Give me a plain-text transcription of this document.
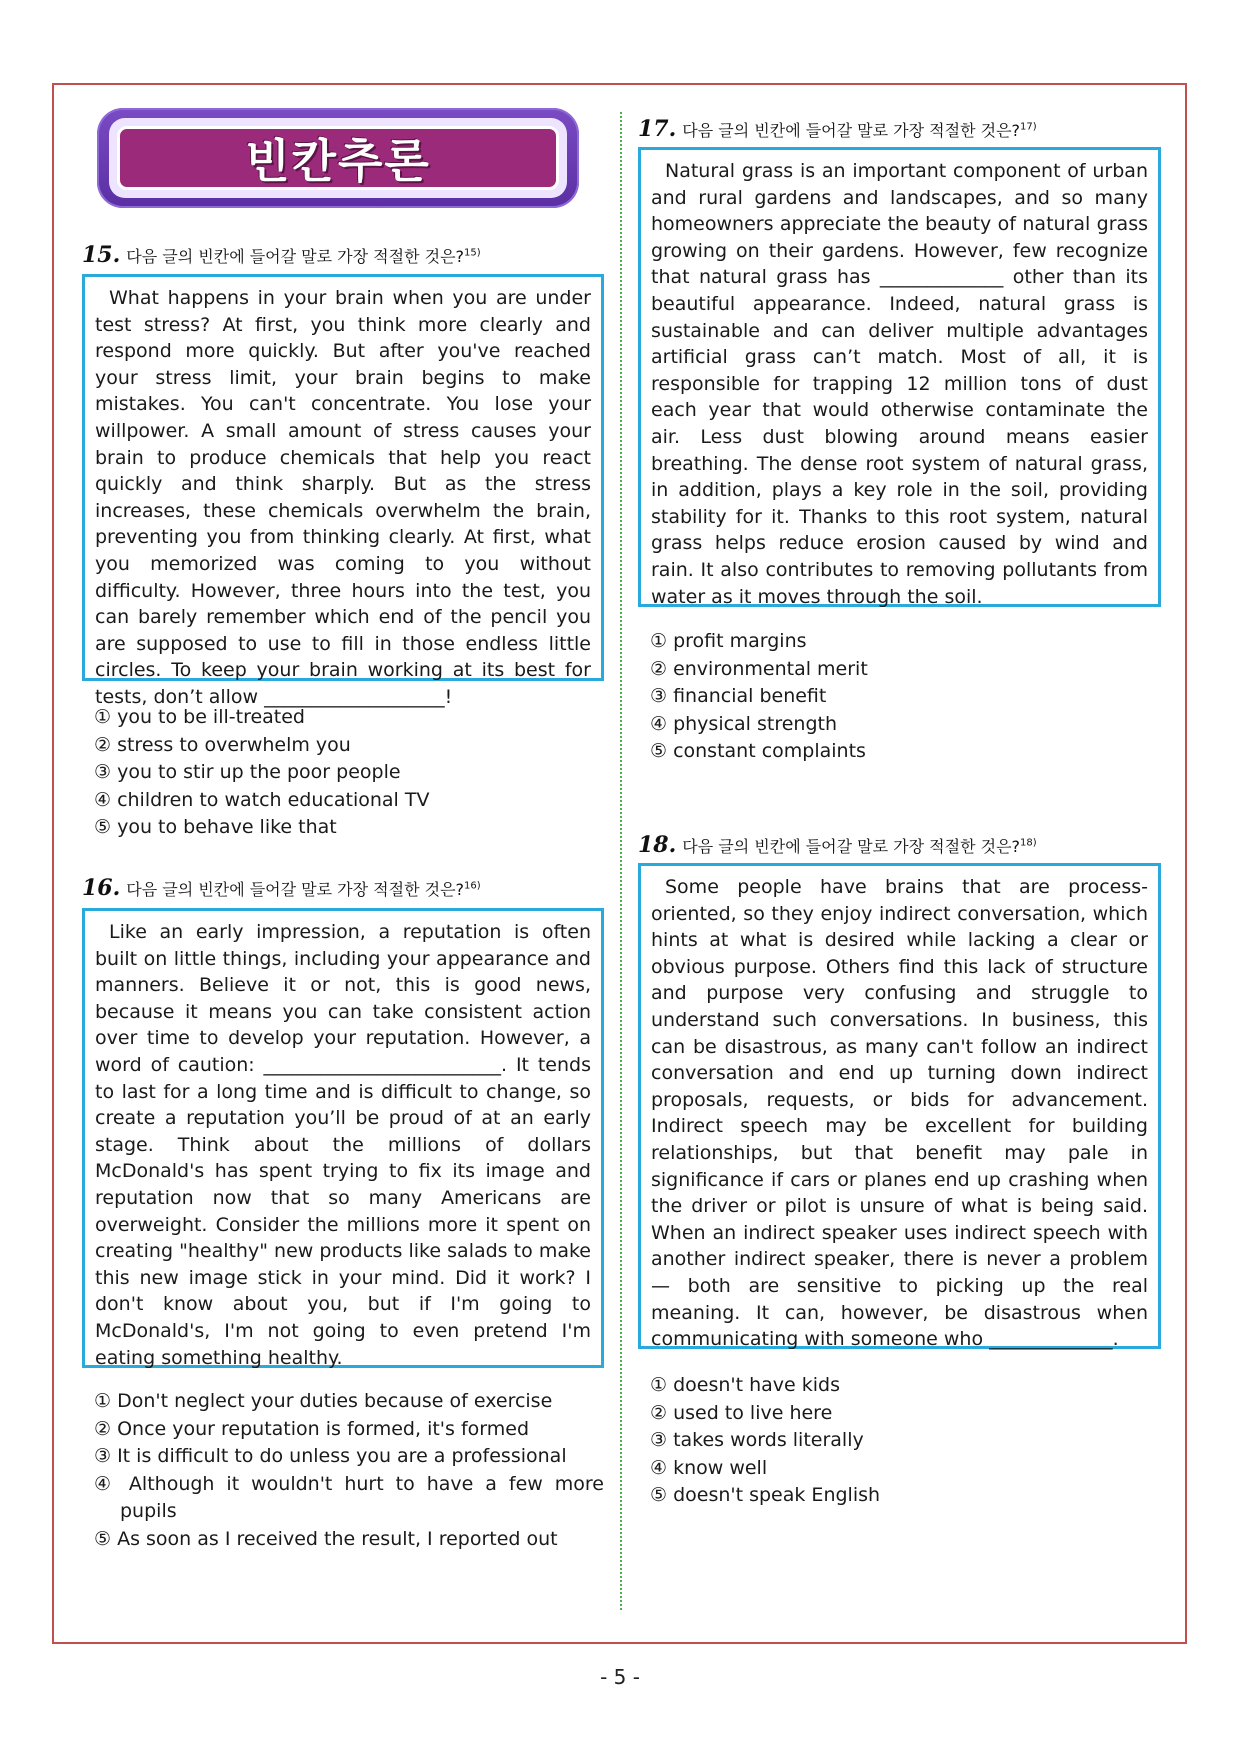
빈칸추론
15. 다음 글의 빈칸에 들어갈 말로 가장 적절한 것은?$^{15)}$

What happens in your brain when you are under test stress? At first, you think more clearly and respond more quickly. But after you've reached your stress limit, your brain begins to make mistakes. You can't concentrate. You lose your willpower. A small amount of stress causes your brain to produce chemicals that help you react quickly and think sharply. But as the stress increases, these chemicals overwhelm the brain, preventing you from thinking clearly. At first, what you memorized was coming to you without difficulty. However, three hours into the test, you can barely remember which end of the pencil you are supposed to use to fill in those endless little circles. To keep your brain working at its best for tests, don’t allow ___________________!

① you to be ill-treated
② stress to overwhelm you
③ you to stir up the poor people
④ children to watch educational TV
⑤ you to behave like that
16. 다음 글의 빈칸에 들어갈 말로 가장 적절한 것은?$^{16)}$

Like an early impression, a reputation is often built on little things, including your appearance and manners. Believe it or not, this is good news, because it means you can take consistent action over time to develop your reputation. However, a word of caution: _________________________. It tends to last for a long time and is difficult to change, so create a reputation you’ll be proud of at an early stage. Think about the millions of dollars McDonald's has spent trying to fix its image and reputation now that so many Americans are overweight. Consider the millions more it spent on creating "healthy" new products like salads to make this new image stick in your mind. Did it work? I don't know about you, but if I'm going to McDonald's, I'm not going to even pretend I'm eating something healthy.

① Don't neglect your duties because of exercise
② Once your reputation is formed, it's formed
③ It is difficult to do unless you are a professional
④ Although it wouldn't hurt to have a few more pupils
⑤ As soon as I received the result, I reported out
17. 다음 글의 빈칸에 들어갈 말로 가장 적절한 것은?$^{17)}$

Natural grass is an important component of urban and rural gardens and landscapes, and so many homeowners appreciate the beauty of natural grass growing on their gardens. However, few recognize that natural grass has _____________ other than its beautiful appearance. Indeed, natural grass is sustainable and can deliver multiple advantages artificial grass can’t match. Most of all, it is responsible for trapping 12 million tons of dust each year that would otherwise contaminate the air. Less dust blowing around means easier breathing. The dense root system of natural grass, in addition, plays a key role in the soil, providing stability for it. Thanks to this root system, natural grass helps reduce erosion caused by wind and rain. It also contributes to removing pollutants from water as it moves through the soil.

① profit margins
② environmental merit
③ financial benefit
④ physical strength
⑤ constant complaints
18. 다음 글의 빈칸에 들어갈 말로 가장 적절한 것은?$^{18)}$

Some people have brains that are process-oriented, so they enjoy indirect conversation, which hints at what is desired while lacking a clear or obvious purpose. Others find this lack of structure and purpose very confusing and struggle to understand such conversations. In business, this can be disastrous, as many can't follow an indirect conversation and end up turning down indirect proposals, requests, or bids for advancement. Indirect speech may be excellent for building relationships, but that benefit may pale in significance if cars or planes end up crashing when the driver or pilot is unsure of what is being said. When an indirect speaker uses indirect speech with another indirect speaker, there is never a problem — both are sensitive to picking up the real meaning. It can, however, be disastrous when communicating with someone who _____________.

① doesn't have kids
② used to live here
③ takes words literally
④ know well
⑤ doesn't speak English
- 5 -
